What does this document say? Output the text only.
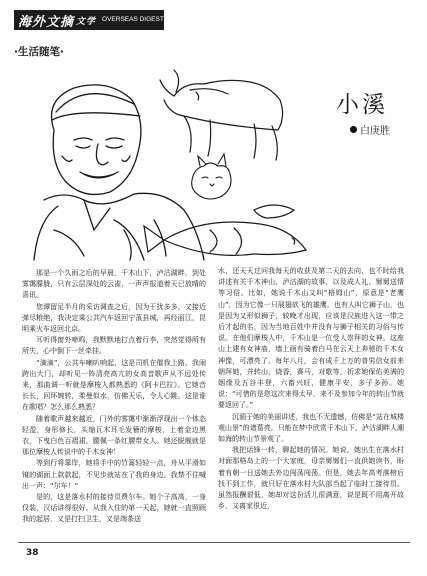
海外文摘 文学 OVERSEAS DIGEST
·生活随笔·
小溪
白庚胜

那是一个久雨之后的早晨，千木山下，泸沽湖畔，到处雾霭朦胧，只有云层深处的云雀，一声声报道着天已放晴的喜讯。

您谭留足半月的采访调查之后，因为干扰多多，又接近弹尽粮绝，我决定乘公共汽车返回宁蒗县城，再经丽江，昆明乘火车返回北京。

耳听得窗外啼鸣，我默默地打点着行李，突然觉得所有所失，心中倒下一丝牵挂。

“滴滴”，公共车喇叭响起，这是司机在催我上路。我闹跨出大门，却听见一阵清亮高亢的女高音歌声从不远处传来，那曲调一听就是摩梭人都熟悉的《阿卡巴拉》。它她音长长，回环婉转，柔曼似水，仿佛天乐，令人心跳。这是谁在歌唱？怎么那么熟悉？

随着歌声越来越近，门外的雾霭中渐渐浮现出一个体态轻盈，身形修长，头缩瓦木耳毛发簪的摩梭，上着金边黑衣，下曳白色百褶裙，腰佩一条红腰带女人。她还脱舰就是那位摩梭人传说中的千木女神！

等到行将靠岸，她将手中的竹篙轻轻一点，舟从平滑如镜的湖面上款款起，不见步就站在了我的身边。我禁不住喊出一声：“尔车！”

是的，这是落水村的接待员费尔车。她个子高高，一身仅装，汉话讲得很好。从我入住的第一天起，她就一直照顾我的起居，又是打扫卫生，又是端茶送

水，还天天过问我每天的收获及第二天的去向，也不时给我讲述有关千木神山、泸沽湖的故事，以及成人礼、舅舅送情等习俗。比如，她说千木山又叫“格姆山”，原意是“老鹰山”，因为它像一只展翅欲飞的雄鹰。也有人叫它狮子山，也是因为又形似狮子，较晚才出现，应该是汉族进入这一带之后才起的名，因为当地百姓中并没有与狮子相关的习俗与传说。在他们摩梭人中，千木山是一位受人崇拜的女神。这座山上建有女神庙，墙上画有骑着白马在云天上奔驰的千木女神像，可漂亮了。每年八月，会有成千上万的普男信女前来朝拜她，并转山，烧香，赛马，对歌等，祈求她保佑美满的姻缘及五谷丰登，六畜兴旺，健康平安，多子多孙。她说：“可惜的是您这次来得太早，来不及参加今年的转山节就要返回了。”

沉湎于她的美丽讲述，我也不无遗憾，仿佛是“站在城楼观山景”的诸葛亮，只能在梦中欣赏千木山下，泸沽湖畔人潮如海的转山节景观了。

我把话锋一转，聊起她的情况。她说，她出生在落水村对面那格岛上的一个大家庭，母亲舅舅们一直供她读书，盼着有朝一日送她去外边闯荡闯荡。但是，她去年高考落榜后找不到工作，就只好在落水村大队部当起了临时工接待员。虽然报酬很低，她却对这份活儿很满意，说是既不用离开故乡，又离家很近，

38
